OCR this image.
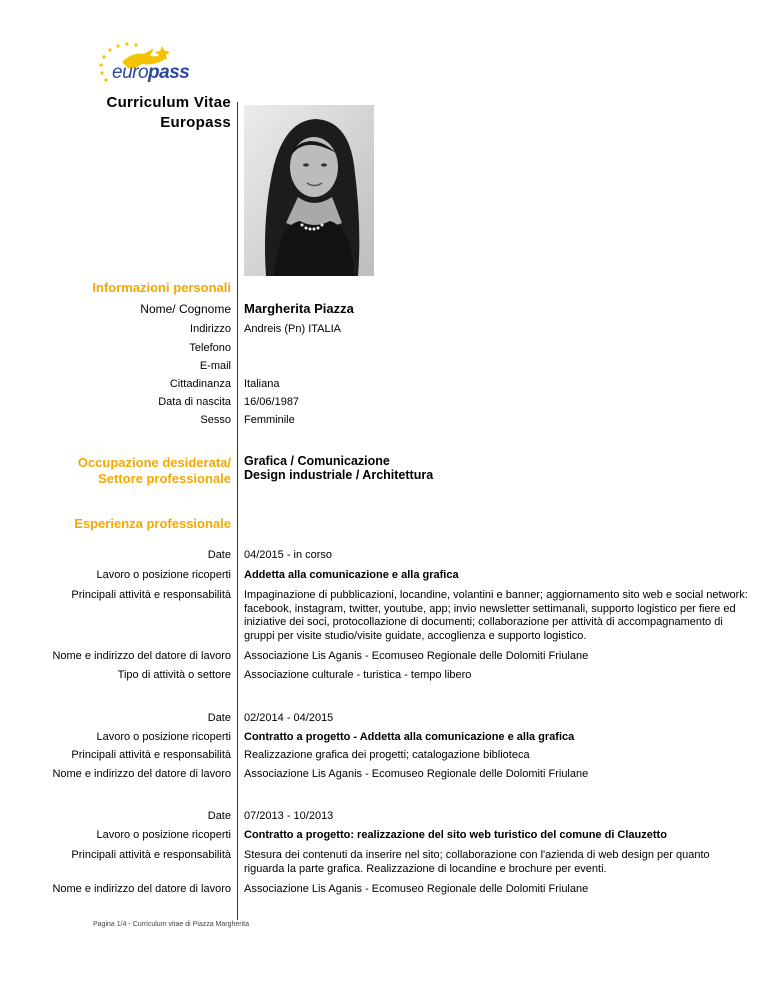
europass
Curriculum Vitae
Europass
Informazioni personali
Nome/ Cognome Margherita Piazza
Indirizzo Andreis (Pn) ITALIA
Telefono
E-mail
Cittadinanza Italiana
Data di nascita 16/06/1987
Sesso Femminile
Occupazione desiderata/
Settore professionale
Grafica / Comunicazione
Design industriale / Architettura
Esperienza professionale
Date 04/2015 - in corso
Lavoro o posizione ricoperti Addetta alla comunicazione e alla grafica
Principali attività e responsabilità Impaginazione di pubblicazioni, locandine, volantini e banner; aggiornamento sito web e social network: facebook, instagram, twitter, youtube, app; invio newsletter settimanali, supporto logistico per fiere ed iniziative dei soci, protocollazione di documenti; collaborazione per attività di accompagnamento di gruppi per visite studio/visite guidate, accoglienza e supporto logistico.
Nome e indirizzo del datore di lavoro Associazione Lis Aganis - Ecomuseo Regionale delle Dolomiti Friulane
Tipo di attività o settore Associazione culturale - turistica - tempo libero
Date 02/2014 - 04/2015
Lavoro o posizione ricoperti Contratto a progetto - Addetta alla comunicazione e alla grafica
Principali attività e responsabilità Realizzazione grafica dei progetti; catalogazione biblioteca
Nome e indirizzo del datore di lavoro Associazione Lis Aganis - Ecomuseo Regionale delle Dolomiti Friulane
Date 07/2013 - 10/2013
Lavoro o posizione ricoperti Contratto a progetto: realizzazione del sito web turistico del comune di Clauzetto
Principali attività e responsabilità Stesura dei contenuti da inserire nel sito; collaborazione con l'azienda di web design per quanto riguarda la parte grafica. Realizzazione di locandine e brochure per eventi.
Nome e indirizzo del datore di lavoro Associazione Lis Aganis - Ecomuseo Regionale delle Dolomiti Friulane
Pagina 1/4 - Curriculum vitae di Piazza Margherita
